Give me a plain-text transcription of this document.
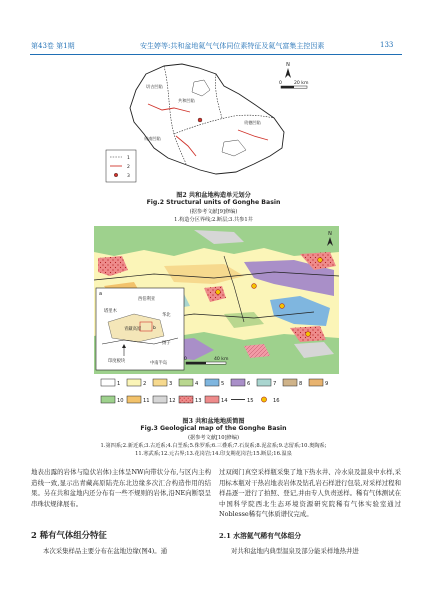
第43卷 第1期	安生婷等:共和盆地氦气气体同位素特征及氦气富集主控因素	133
贵南凹陷
共和凹陷
贵德凹陷
切吉凹陷
N
0	20 km
1
2
3
图2 共和盆地构造单元划分
Fig.2 Structural units of Gonghe Basin
(据参考文献[9]修编)
1.构造分区界线;2.断层;3.共参1井
N
a
b
西伯利亚
塔里木
华北
扬子
印度板块	中南半岛
青藏高原
0	40 km
1	2	3	4	5	6	7	8	9
10	11	12	13	14	15	16
图3 共和盆地地质简图
Fig.3 Geological map of the Gonghe Basin
(据参考文献[10]修编)
1.第四系;2.新近系;3.古近系;4.白垩系;5.侏罗系;6.三叠系;7.石炭系;8.泥盆系;9.志留系;10.奥陶系;
11.寒武系;12.元古界;13.花岗岩;14.印支期花岗岩;15.断层;16.温泉
地表出露的岩体与隐伏岩体)主体呈NW向带状分布,与区内主构造线一致,显示出青藏高原陆壳东北边缘多次汇合构造作用的结果。另在共和盆地内还分布有一些不规则的岩体,沿NE向断裂呈串珠状规律展布。
2 稀有气体组分特征
本次采集样品主要分布在盆地边缘(图4)。通
过双阀门真空采样瓶采集了地下热水井、冷水泉及温泉中水样,采用标本瓶对干热岩地表岩体及钻孔岩石样进行包装,对采样过程和样品逐一进行了拍照、登记,并由专人负责送样。稀有气体测试在中国科学院西北生态环境资源研究院稀有气体实验室通过Noblesse稀有气体质谱仪完成。
2.1 水溶氦气稀有气体组分
对共和盆地内典型温泉及部分能采样地热井进
